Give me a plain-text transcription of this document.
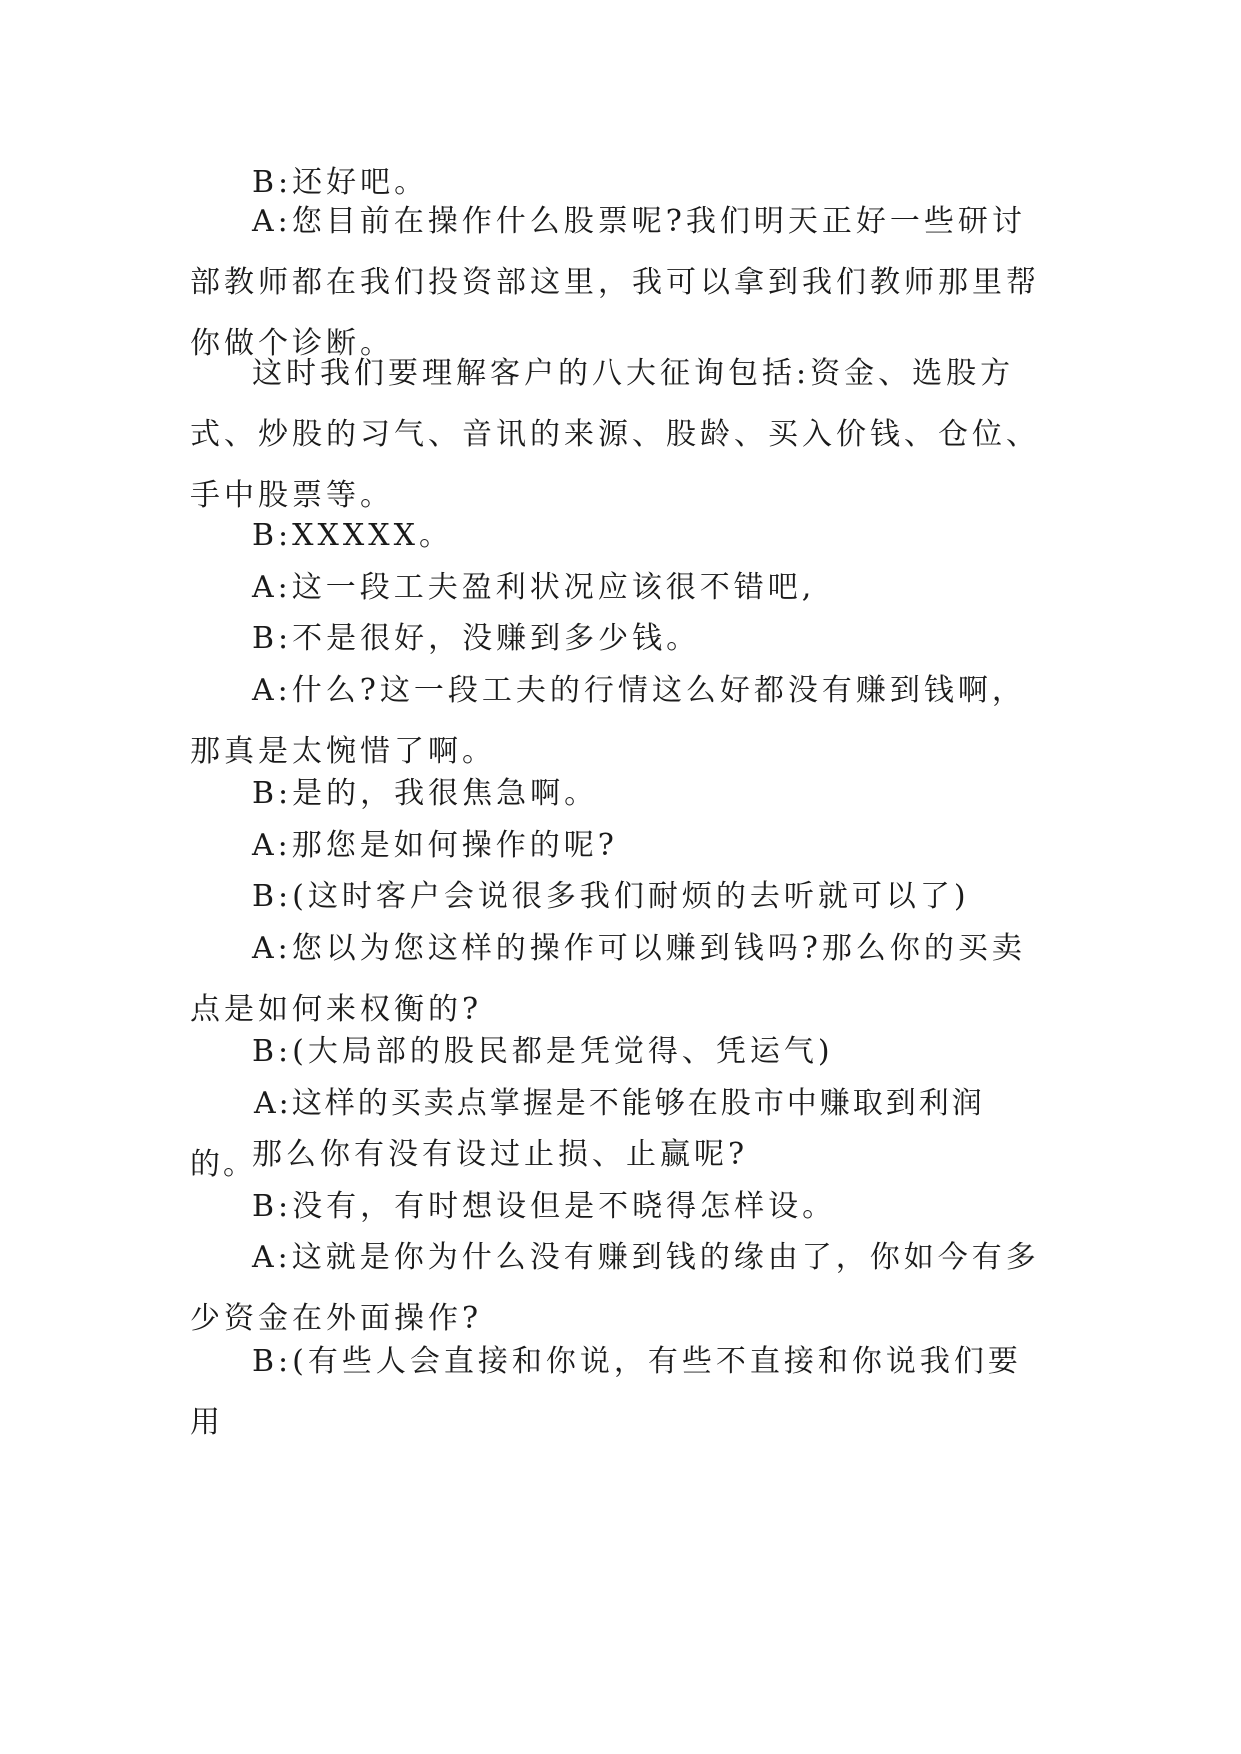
B:还好吧。

A:您目前在操作什么股票呢?我们明天正好一些研讨部教师都在我们投资部这里，我可以拿到我们教师那里帮你做个诊断。

这时我们要理解客户的八大征询包括:资金、选股方式、炒股的习气、音讯的来源、股龄、买入价钱、仓位、手中股票等。

B:XXXXX。

A:这一段工夫盈利状况应该很不错吧,

B:不是很好，没赚到多少钱。

A:什么?这一段工夫的行情这么好都没有赚到钱啊，那真是太惋惜了啊。

B:是的，我很焦急啊。

A:那您是如何操作的呢?

B:(这时客户会说很多我们耐烦的去听就可以了)

A:您以为您这样的操作可以赚到钱吗?那么你的买卖点是如何来权衡的?

B:(大局部的股民都是凭觉得、凭运气)

A:这样的买卖点掌握是不能够在股市中赚取到利润的。

那么你有没有设过止损、止赢呢?

B:没有，有时想设但是不晓得怎样设。

A:这就是你为什么没有赚到钱的缘由了，你如今有多少资金在外面操作?

B:(有些人会直接和你说，有些不直接和你说我们要用
